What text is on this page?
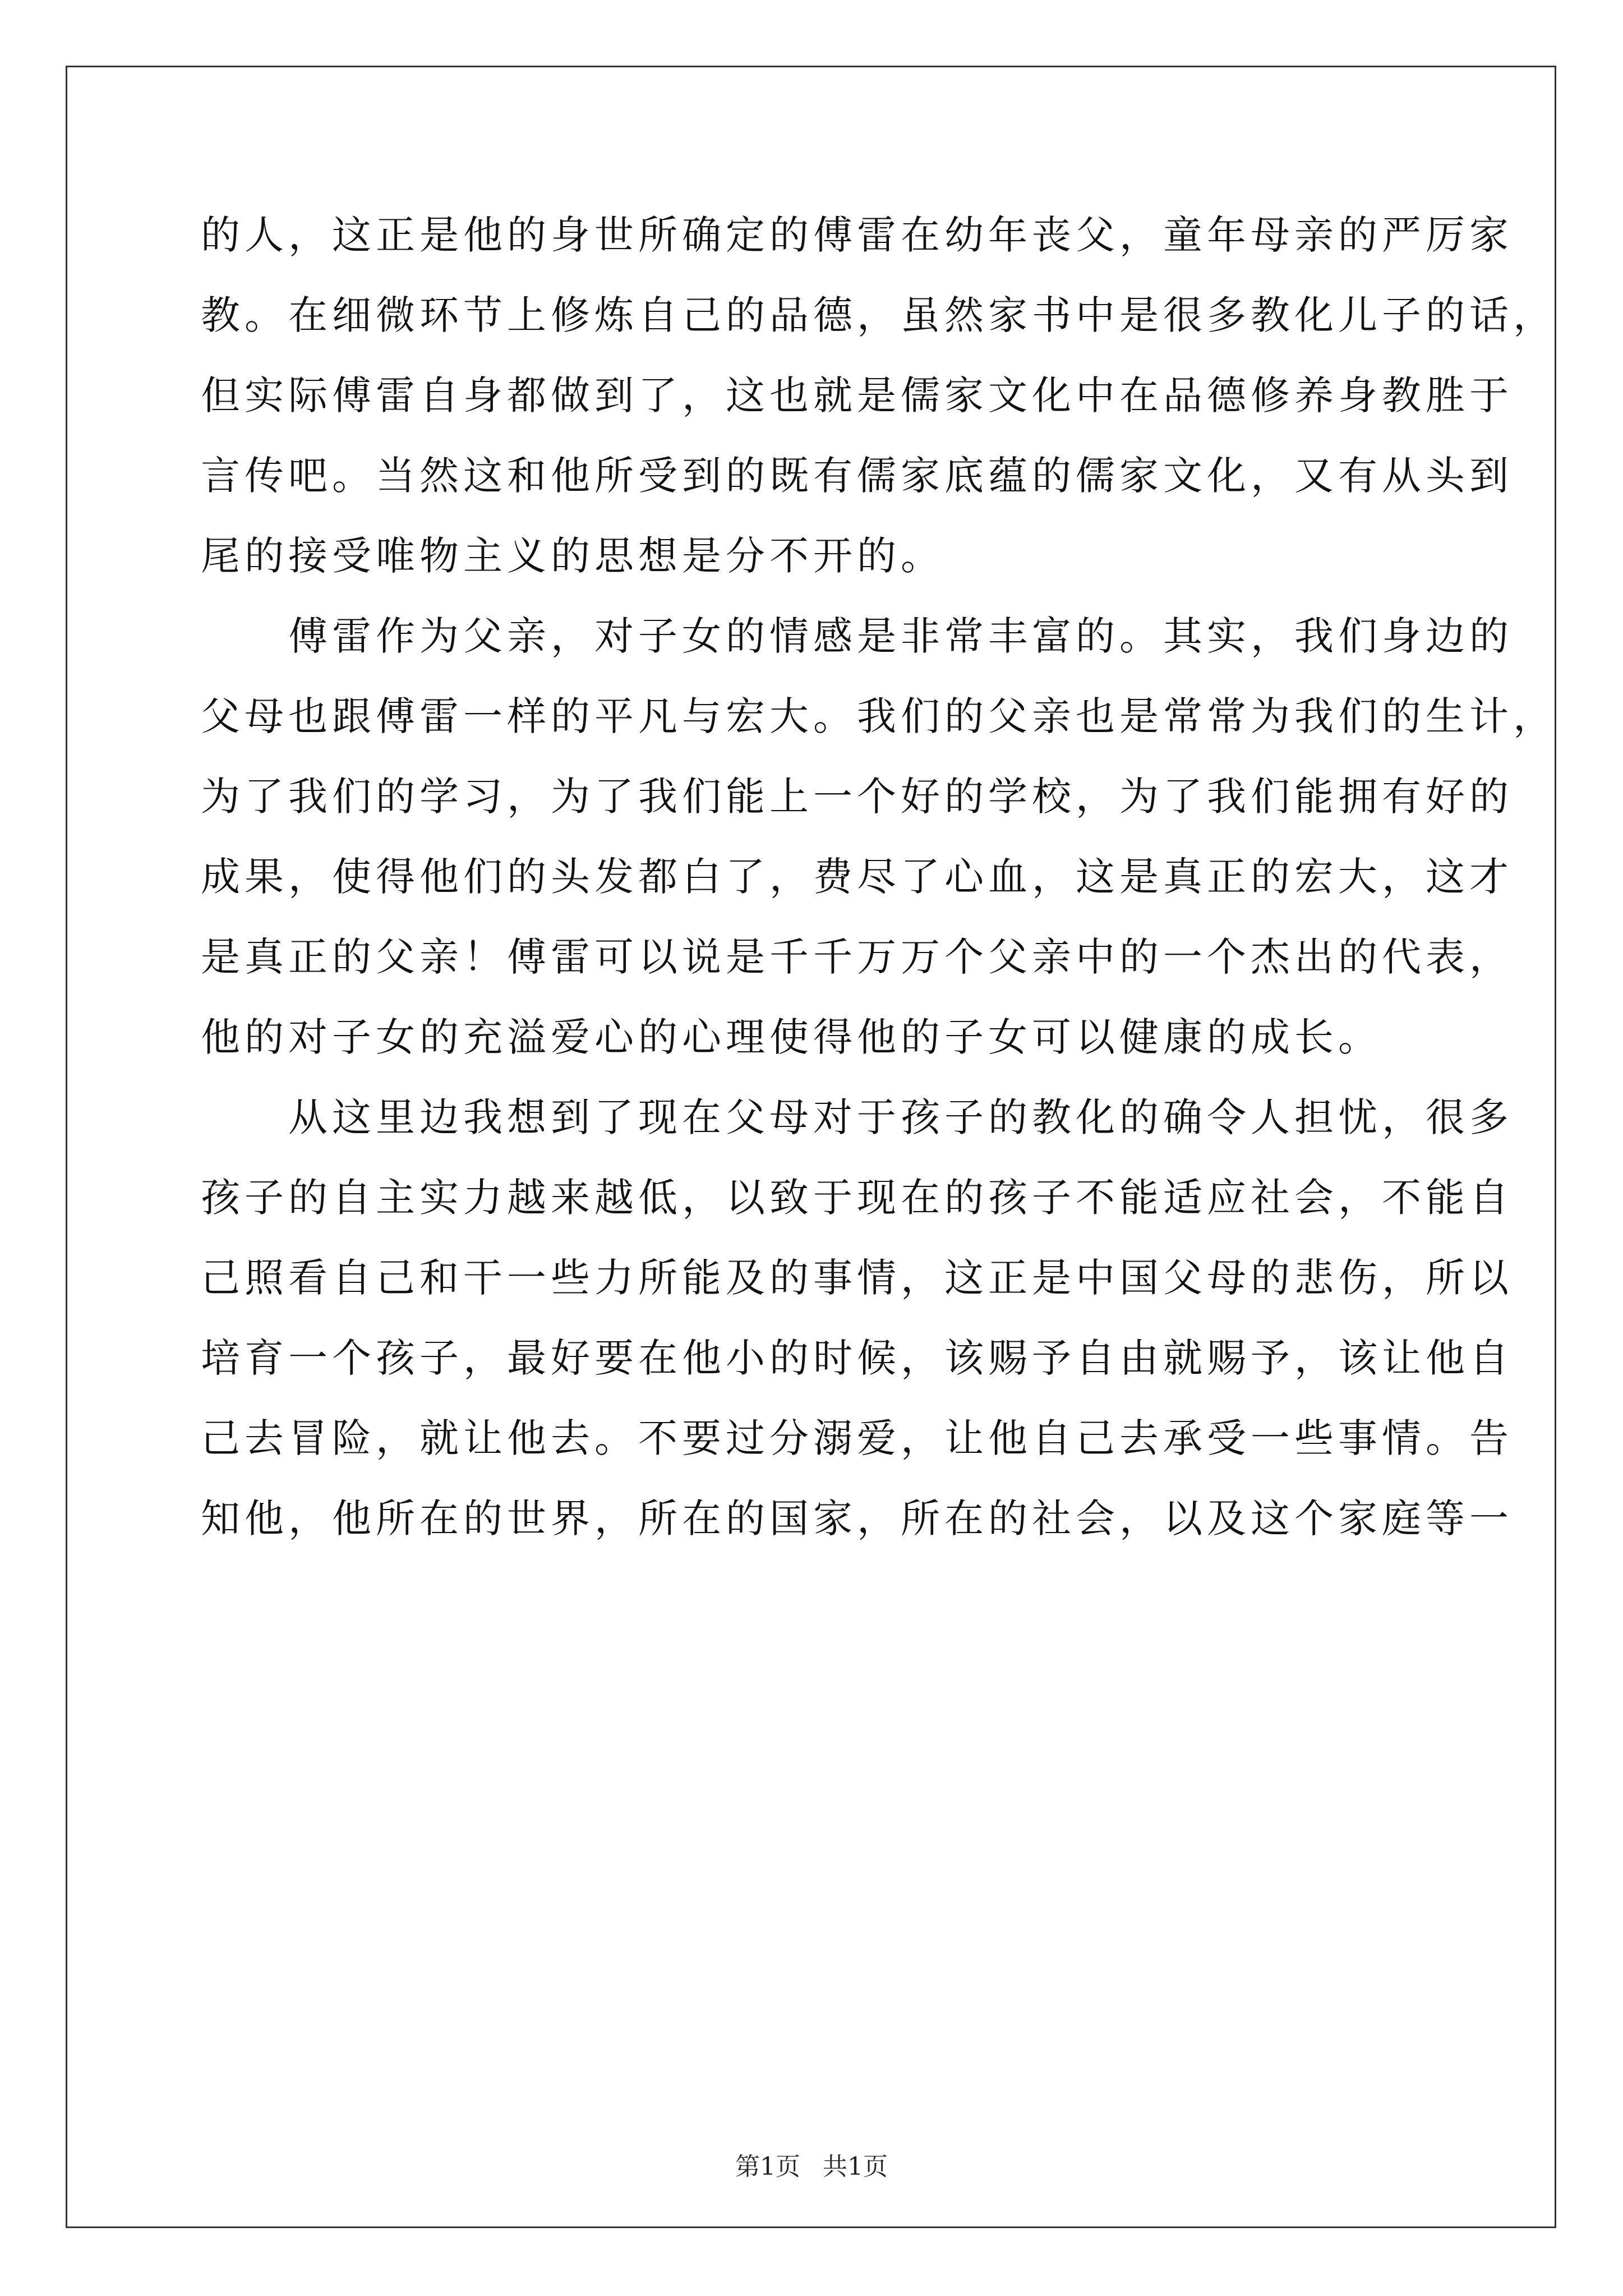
的人，这正是他的身世所确定的傅雷在幼年丧父，童年母亲的严厉家
教。在细微环节上修炼自己的品德，虽然家书中是很多教化儿子的话，
但实际傅雷自身都做到了，这也就是儒家文化中在品德修养身教胜于
言传吧。当然这和他所受到的既有儒家底蕴的儒家文化，又有从头到
尾的接受唯物主义的思想是分不开的。
　　傅雷作为父亲，对子女的情感是非常丰富的。其实，我们身边的
父母也跟傅雷一样的平凡与宏大。我们的父亲也是常常为我们的生计，
为了我们的学习，为了我们能上一个好的学校，为了我们能拥有好的
成果，使得他们的头发都白了，费尽了心血，这是真正的宏大，这才
是真正的父亲！傅雷可以说是千千万万个父亲中的一个杰出的代表，
他的对子女的充溢爱心的心理使得他的子女可以健康的成长。
　　从这里边我想到了现在父母对于孩子的教化的确令人担忧，很多
孩子的自主实力越来越低，以致于现在的孩子不能适应社会，不能自
己照看自己和干一些力所能及的事情，这正是中国父母的悲伤，所以
培育一个孩子，最好要在他小的时候，该赐予自由就赐予，该让他自
己去冒险，就让他去。不要过分溺爱，让他自己去承受一些事情。告
知他，他所在的世界，所在的国家，所在的社会，以及这个家庭等一
第1页 共1页
